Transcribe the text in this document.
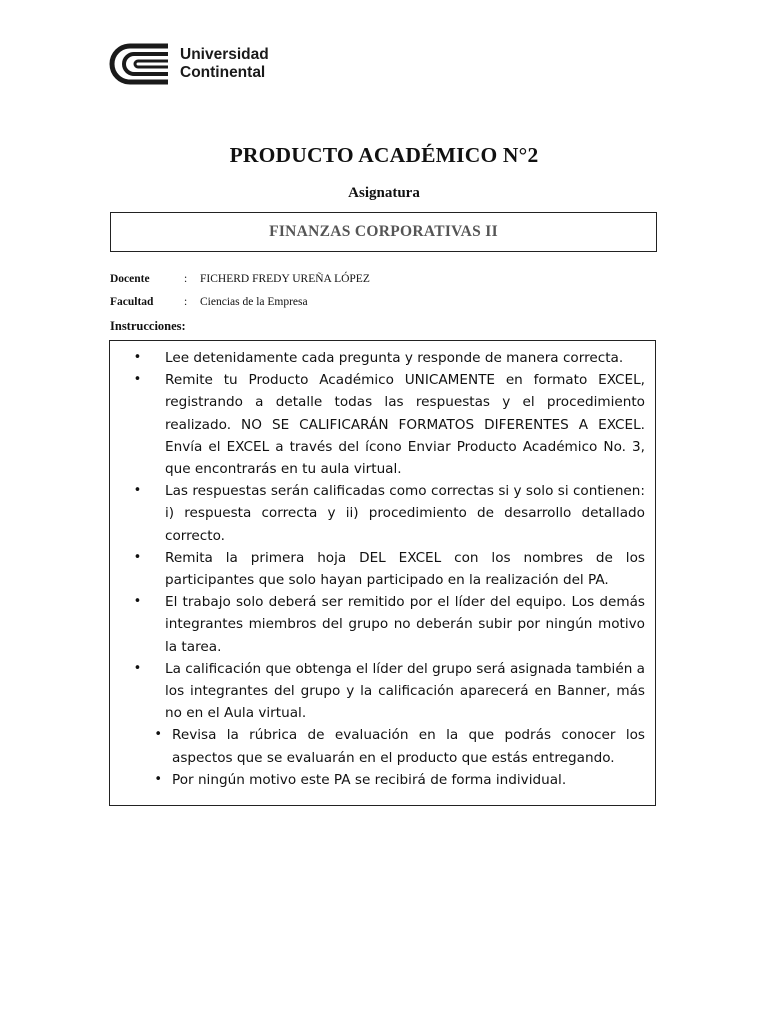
Universidad
Continental
PRODUCTO ACADÉMICO N°2
Asignatura
FINANZAS CORPORATIVAS II
Docente	:	FICHERD FREDY UREÑA LÓPEZ
Facultad	:	Ciencias de la Empresa
Instrucciones:
•	Lee detenidamente cada pregunta y responde de manera correcta.
•	Remite tu Producto Académico UNICAMENTE en formato EXCEL, registrando a detalle todas las respuestas y el procedimiento realizado. NO SE CALIFICARÁN FORMATOS DIFERENTES A EXCEL. Envía el EXCEL a través del ícono Enviar Producto Académico No. 3, que encontrarás en tu aula virtual.
•	Las respuestas serán calificadas como correctas si y solo si contienen: i) respuesta correcta y ii) procedimiento de desarrollo detallado correcto.
•	Remita la primera hoja DEL EXCEL con los nombres de los participantes que solo hayan participado en la realización del PA.
•	El trabajo solo deberá ser remitido por el líder del equipo. Los demás integrantes miembros del grupo no deberán subir por ningún motivo la tarea.
•	La calificación que obtenga el líder del grupo será asignada también a los integrantes del grupo y la calificación aparecerá en Banner, más no en el Aula virtual.
• Revisa la rúbrica de evaluación en la que podrás conocer los aspectos que se evaluarán en el producto que estás entregando.
• Por ningún motivo este PA se recibirá de forma individual.
